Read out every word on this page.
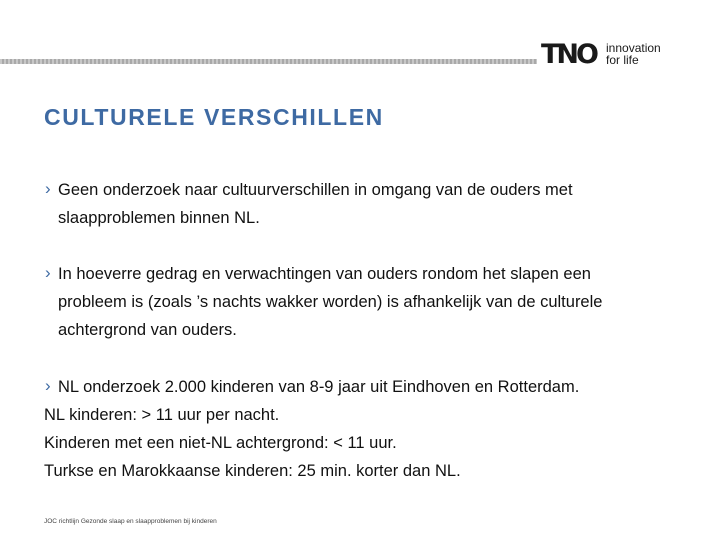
TNO innovation
for life
CULTURELE VERSCHILLEN
› Geen onderzoek naar cultuurverschillen in omgang van de ouders met
slaapproblemen binnen NL.
› In hoeverre gedrag en verwachtingen van ouders rondom het slapen een
probleem is (zoals ’s nachts wakker worden) is afhankelijk van de culturele
achtergrond van ouders.
› NL onderzoek 2.000 kinderen van 8-9 jaar uit Eindhoven en Rotterdam.
NL kinderen: > 11 uur per nacht.
Kinderen met een niet-NL achtergrond: < 11 uur.
Turkse en Marokkaanse kinderen: 25 min. korter dan NL.
JOC richtlijn Gezonde slaap en slaapproblemen bij kinderen
